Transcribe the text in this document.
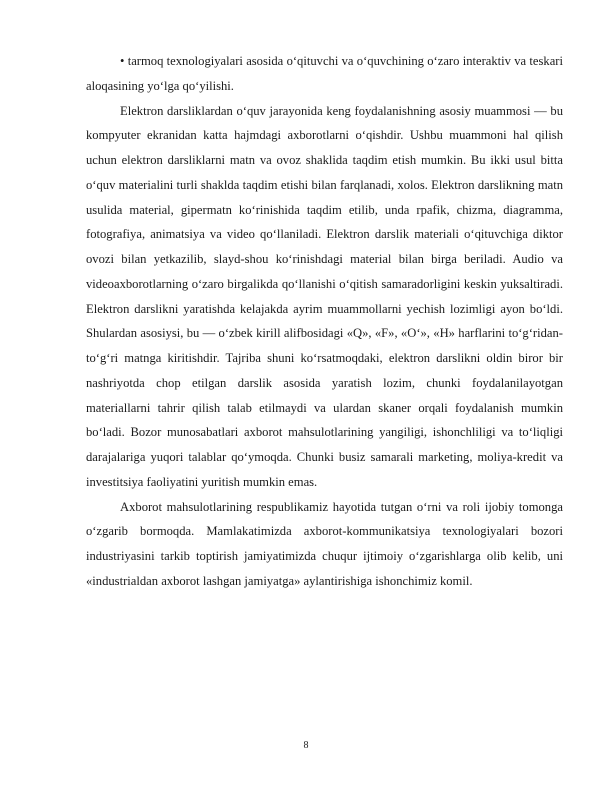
• tarmoq texnologiyalari asosida o‘qituvchi va o‘quvchining o‘zaro interaktiv va teskari aloqasining yo‘lga qo‘yilishi.

Elektron darsliklardan o‘quv jarayonida keng foydalanishning asosiy muammosi — bu kompyuter ekranidan katta hajmdagi axborotlarni o‘qishdir. Ushbu muammoni hal qilish uchun elektron darsliklarni matn va ovoz shaklida taqdim etish mumkin. Bu ikki usul bitta o‘quv materialini turli shaklda taqdim etishi bilan farqlanadi, xolos. Elektron darslikning matn usulida material, gipermatn ko‘rinishida taqdim etilib, unda rpafik, chizma, diagramma, fotografiya, animatsiya va video qo‘llaniladi. Elektron darslik materiali o‘qituvchiga diktor ovozi bilan yetkazilib, slayd-shou ko‘rinishdagi material bilan birga beriladi. Audio va videoaxborotlarning o‘zaro birgalikda qo‘llanishi o‘qitish samaradorligini keskin yuksaltiradi. Elektron darslikni yaratishda kelajakda ayrim muammollarni yechish lozimligi ayon bo‘ldi. Shulardan asosiysi, bu — o‘zbek kirill alifbosidagi «Q», «F», «O‘», «H» harflarini to‘g‘ridan-to‘g‘ri matnga kiritishdir. Tajriba shuni ko‘rsatmoqdaki, elektron darslikni oldin biror bir nashriyotda chop etilgan darslik asosida yaratish lozim, chunki foydalanilayotgan materiallarni tahrir qilish talab etilmaydi va ulardan skaner orqali foydalanish mumkin bo‘ladi. Bozor munosabatlari axborot mahsulotlarining yangiligi, ishonchliligi va to‘liqligi darajalariga yuqori talablar qo‘ymoqda. Chunki busiz samarali marketing, moliya-kredit va investitsiya faoliyatini yuritish mumkin emas.

Axborot mahsulotlarining respublikamiz hayotida tutgan o‘rni va roli ijobiy tomonga o‘zgarib bormoqda. Mamlakatimizda axborot-kommunikatsiya texnologiyalari bozori industriyasini tarkib toptirish jamiyatimizda chuqur ijtimoiy o‘zgarishlarga olib kelib, uni «industrialdan axborot lashgan jamiyatga» aylantirishiga ishonchimiz komil.

8
